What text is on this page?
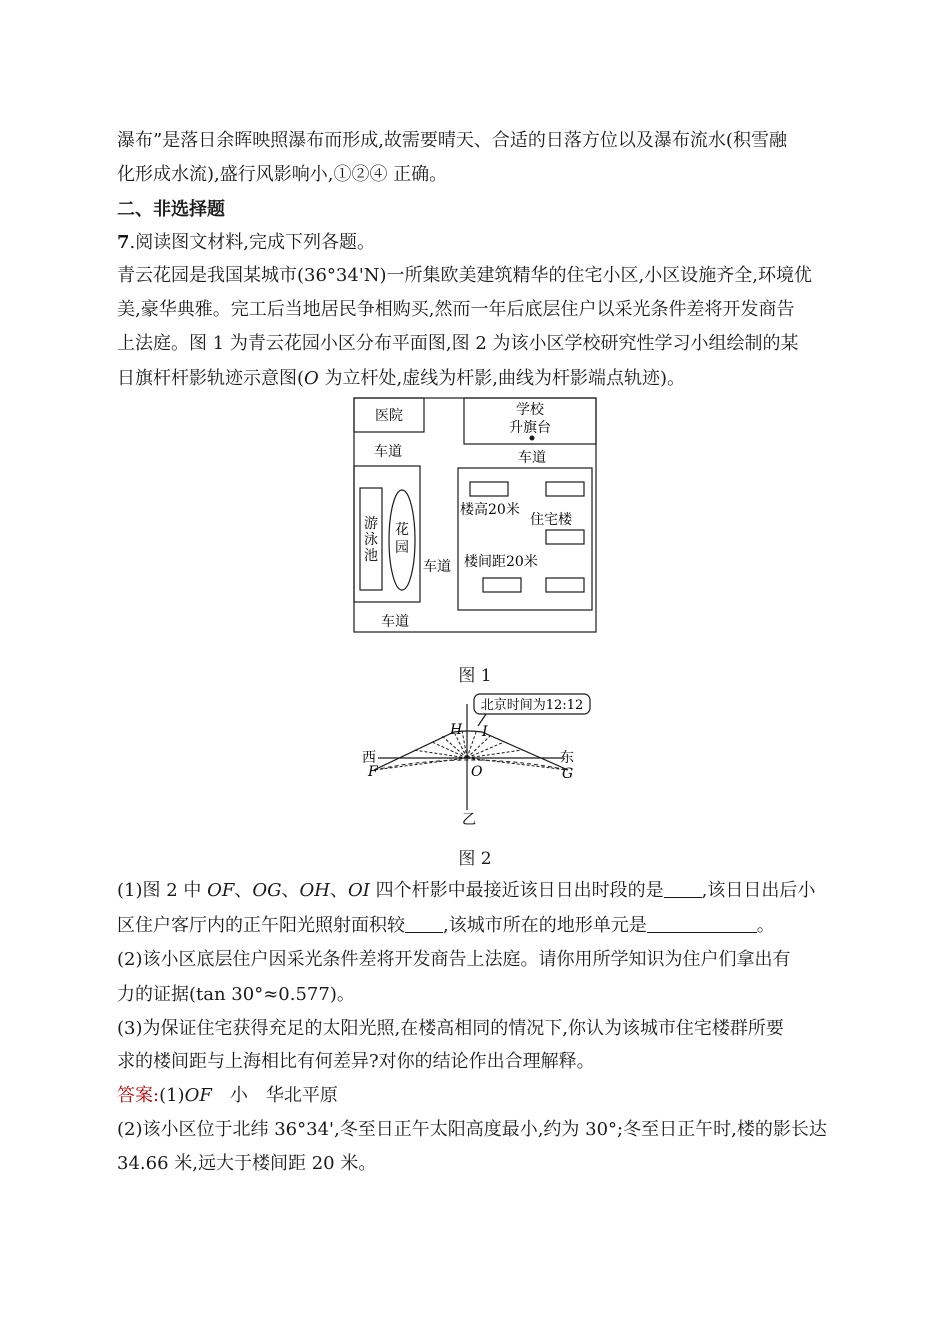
瀑布”是落日余晖映照瀑布而形成,故需要晴天、合适的日落方位以及瀑布流水(积雪融
化形成水流),盛行风影响小,①②④ 正确。
二、非选择题
7.阅读图文材料,完成下列各题。
青云花园是我国某城市(36°34'N)一所集欧美建筑精华的住宅小区,小区设施齐全,环境优
美,豪华典雅。完工后当地居民争相购买,然而一年后底层住户以采光条件差将开发商告
上法庭。图 1 为青云花园小区分布平面图,图 2 为该小区学校研究性学习小组绘制的某
日旗杆杆影轨迹示意图(O 为立杆处,虚线为杆影,曲线为杆影端点轨迹)。
医院	学校
升旗台
车道	车道
游
泳
池
花
园
车道
楼高20米
住宅楼
楼间距20米
车道
图 1
北京时间为12:12
西	东
H I
F	O	G
乙
图 2
(1)图 2 中 OF、OG、OH、OI 四个杆影中最接近该日日出时段的是 ,该日日出后小
区住户客厅内的正午阳光照射面积较 ,该城市所在的地形单元是	。
(2)该小区底层住户因采光条件差将开发商告上法庭。请你用所学知识为住户们拿出有
力的证据(tan 30°≈0.577)。
(3)为保证住宅获得充足的太阳光照,在楼高相同的情况下,你认为该城市住宅楼群所要
求的楼间距与上海相比有何差异?对你的结论作出合理解释。
答案:(1)OF　小　华北平原
(2)该小区位于北纬 36°34',冬至日正午太阳高度最小,约为 30°;冬至日正午时,楼的影长达
34.66 米,远大于楼间距 20 米。
